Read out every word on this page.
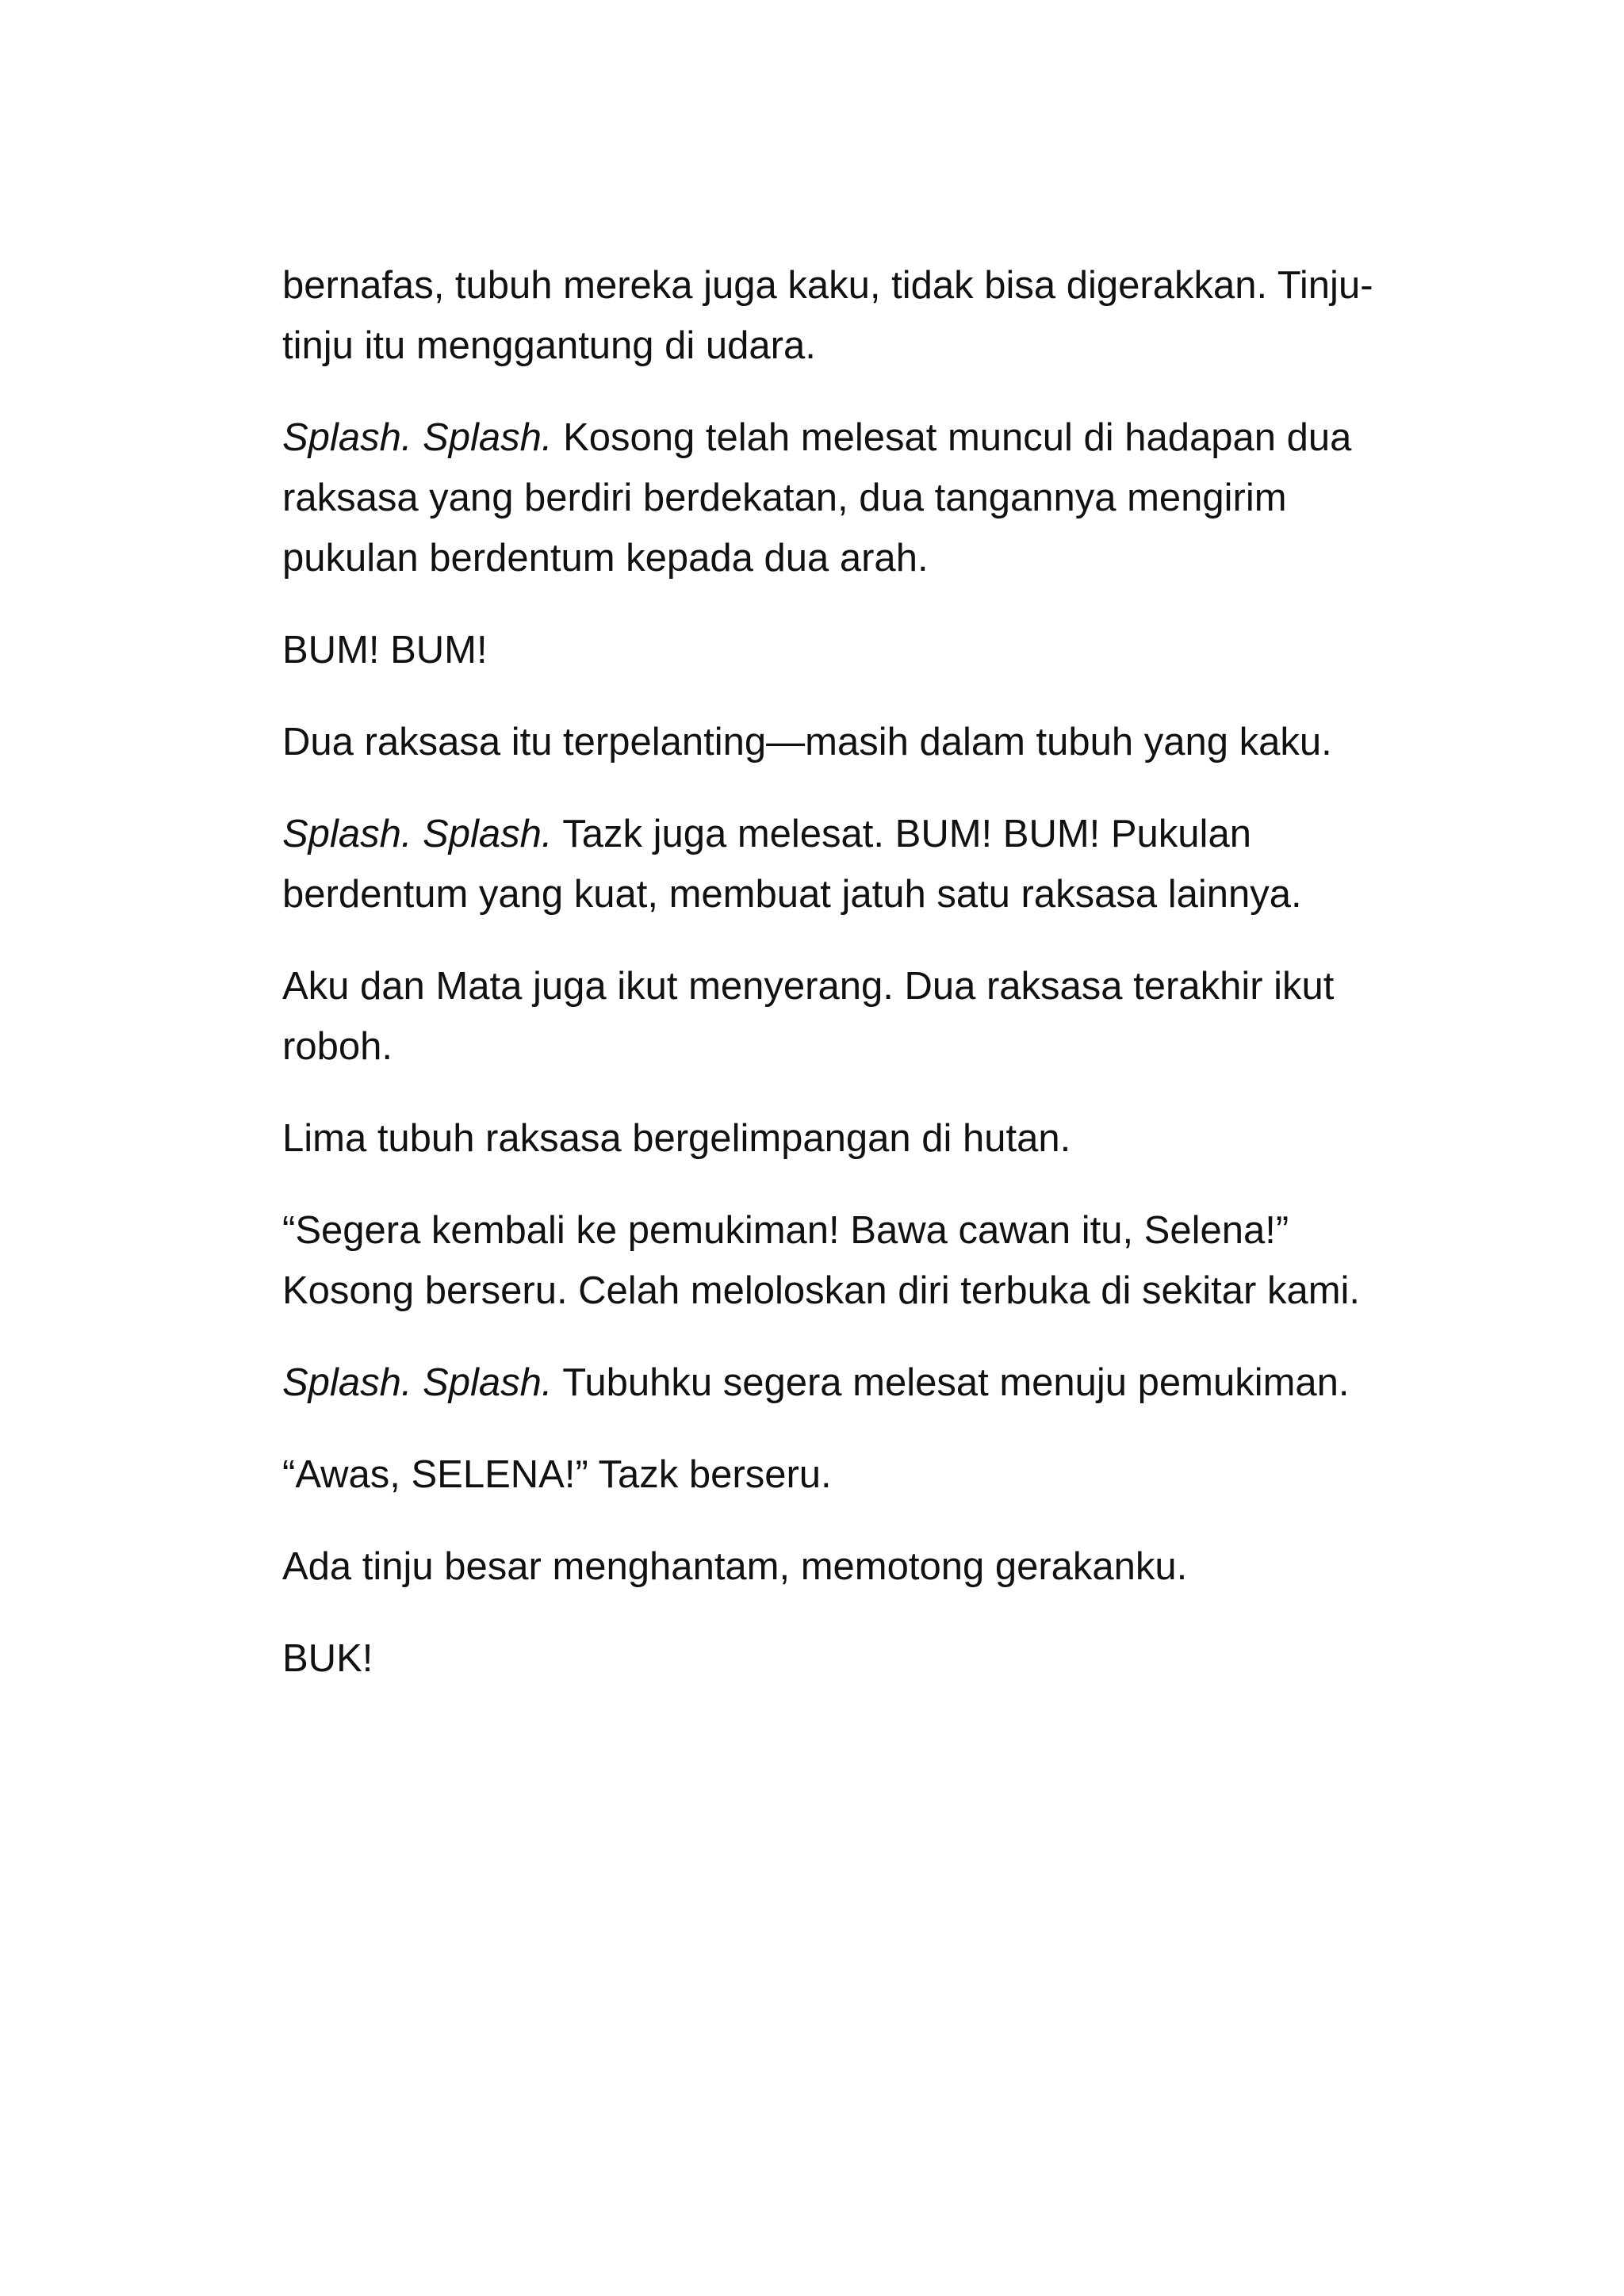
bernafas, tubuh mereka juga kaku, tidak bisa digerakkan. Tinju-tinju itu menggantung di udara.

Splash. Splash. Kosong telah melesat muncul di hadapan dua raksasa yang berdiri berdekatan, dua tangannya mengirim pukulan berdentum kepada dua arah.

BUM! BUM!

Dua raksasa itu terpelanting—masih dalam tubuh yang kaku.

Splash. Splash. Tazk juga melesat. BUM! BUM! Pukulan berdentum yang kuat, membuat jatuh satu raksasa lainnya.

Aku dan Mata juga ikut menyerang. Dua raksasa terakhir ikut roboh.

Lima tubuh raksasa bergelimpangan di hutan.

“Segera kembali ke pemukiman! Bawa cawan itu, Selena!” Kosong berseru. Celah meloloskan diri terbuka di sekitar kami.

Splash. Splash. Tubuhku segera melesat menuju pemukiman.

“Awas, SELENA!” Tazk berseru.

Ada tinju besar menghantam, memotong gerakanku.

BUK!
